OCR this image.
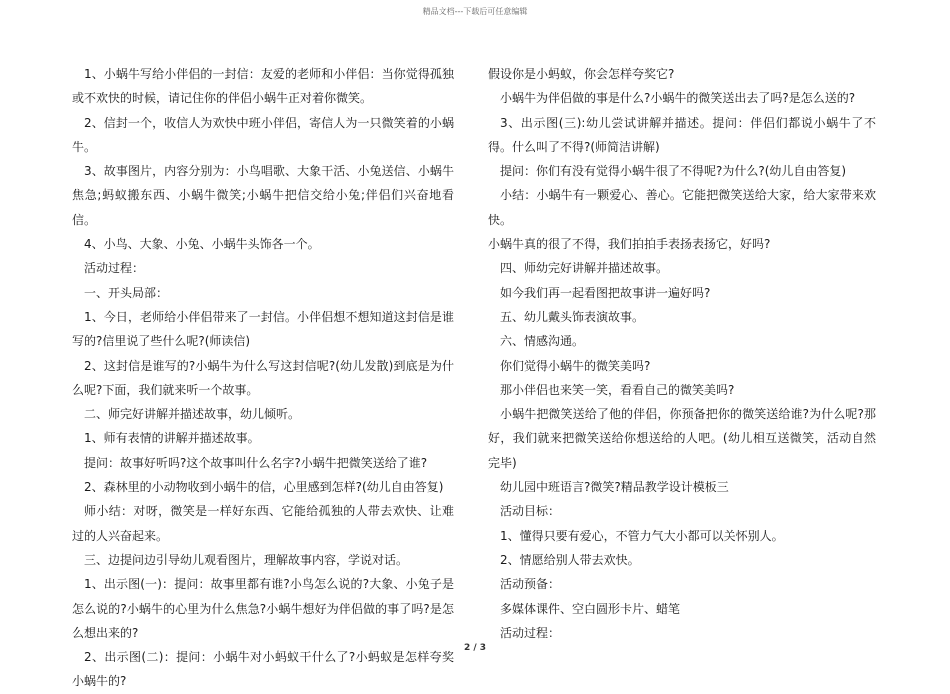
精品文档---下载后可任意编辑

1、小蜗牛写给小伴侣的一封信：友爱的老师和小伴侣：当你觉得孤独或不欢快的时候，请记住你的伴侣小蜗牛正对着你微笑。

2、信封一个，收信人为欢快中班小伴侣，寄信人为一只微笑着的小蜗牛。

3、故事图片，内容分别为：小鸟唱歌、大象干活、小兔送信、小蜗牛焦急;蚂蚁搬东西、小蜗牛微笑;小蜗牛把信交给小兔;伴侣们兴奋地看信。

4、小鸟、大象、小兔、小蜗牛头饰各一个。

活动过程：

一、开头局部：

1、今日，老师给小伴侣带来了一封信。小伴侣想不想知道这封信是谁写的?信里说了些什么呢?(师读信)

2、这封信是谁写的?小蜗牛为什么写这封信呢?(幼儿发散)到底是为什么呢?下面，我们就来听一个故事。

二、师完好讲解并描述故事，幼儿倾听。

1、师有表情的讲解并描述故事。

提问：故事好听吗?这个故事叫什么名字?小蜗牛把微笑送给了谁?

2、森林里的小动物收到小蜗牛的信，心里感到怎样?(幼儿自由答复)

师小结：对呀，微笑是一样好东西、它能给孤独的人带去欢快、让难过的人兴奋起来。

三、边提问边引导幼儿观看图片，理解故事内容，学说对话。

1、出示图(一)：提问：故事里都有谁?小鸟怎么说的?大象、小兔子是怎么说的?小蜗牛的心里为什么焦急?小蜗牛想好为伴侣做的事了吗?是怎么想出来的?

2、出示图(二)：提问：小蜗牛对小蚂蚁干什么了?小蚂蚁是怎样夸奖小蜗牛的?

假设你是小蚂蚁，你会怎样夸奖它?

小蜗牛为伴侣做的事是什么?小蜗牛的微笑送出去了吗?是怎么送的?

3、出示图(三):幼儿尝试讲解并描述。提问：伴侣们都说小蜗牛了不得。什么叫了不得?(师简洁讲解)

提问：你们有没有觉得小蜗牛很了不得呢?为什么?(幼儿自由答复)

小结：小蜗牛有一颗爱心、善心。它能把微笑送给大家，给大家带来欢快。

小蜗牛真的很了不得，我们拍拍手表扬表扬它，好吗?

四、师幼完好讲解并描述故事。

如今我们再一起看图把故事讲一遍好吗?

五、幼儿戴头饰表演故事。

六、情感沟通。

你们觉得小蜗牛的微笑美吗?

那小伴侣也来笑一笑，看看自己的微笑美吗?

小蜗牛把微笑送给了他的伴侣，你预备把你的微笑送给谁?为什么呢?那好，我们就来把微笑送给你想送给的人吧。(幼儿相互送微笑，活动自然完毕)

幼儿园中班语言?微笑?精品教学设计模板三

活动目标：

1、懂得只要有爱心，不管力气大小都可以关怀别人。

2、情愿给别人带去欢快。

活动预备：

多媒体课件、空白圆形卡片、蜡笔

活动过程：

2 / 3
